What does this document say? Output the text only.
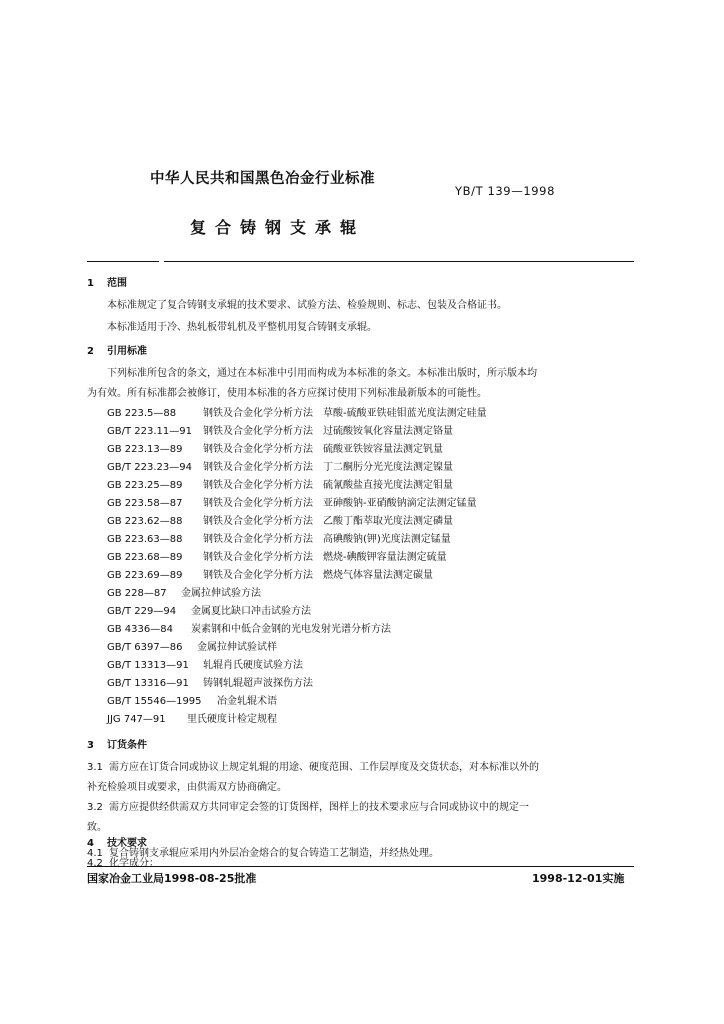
中华人民共和国黑色冶金行业标准
YB/T 139—1998
复合铸钢支承辊
1 范围
本标准规定了复合铸钢支承辊的技术要求、试验方法、检验规则、标志、包装及合格证书。
本标准适用于冷、热轧板带轧机及平整机用复合铸钢支承辊。
2 引用标准
下列标准所包含的条文，通过在本标准中引用而构成为本标准的条文。本标准出版时，所示版本均
为有效。所有标准都会被修订，使用本标准的各方应探讨使用下列标准最新版本的可能性。
GB 223.5—88	钢铁及合金化学分析方法　草酸-硫酸亚铁硅钼蓝光度法测定硅量
GB/T 223.11—91 钢铁及合金化学分析方法　过硫酸铵氧化容量法测定铬量
GB 223.13—89 钢铁及合金化学分析方法　硫酸亚铁铵容量法测定钒量
GB/T 223.23—94 钢铁及合金化学分析方法　丁二酮肟分光光度法测定镍量
GB 223.25—89 钢铁及合金化学分析方法　硫氰酸盐直接光度法测定钼量
GB 223.58—87 钢铁及合金化学分析方法　亚砷酸钠-亚硝酸钠滴定法测定锰量
GB 223.62—88 钢铁及合金化学分析方法　乙酸丁酯萃取光度法测定磷量
GB 223.63—88 钢铁及合金化学分析方法　高碘酸钠(钾)光度法测定锰量
GB 223.68—89 钢铁及合金化学分析方法　燃烧-碘酸钾容量法测定硫量
GB 223.69—89 钢铁及合金化学分析方法　燃烧气体容量法测定碳量
GB 228—87 金属拉伸试验方法
GB/T 229—94 金属夏比缺口冲击试验方法
GB 4336—84 炭素钢和中低合金钢的光电发射光谱分析方法
GB/T 6397—86 金属拉伸试验试样
GB/T 13313—91 轧辊肖氏硬度试验方法
GB/T 13316—91 铸钢轧辊超声波探伤方法
GB/T 15546—1995 冶金轧辊术语
JJG 747—91 里氏硬度计检定规程
3 订货条件
3.1 需方应在订货合同或协议上规定轧辊的用途、硬度范围、工作层厚度及交货状态，对本标准以外的
补充检验项目或要求，由供需双方协商确定。
3.2 需方应提供经供需双方共同审定会签的订货图样，图样上的技术要求应与合同或协议中的规定一
致。
4 技术要求
4.1 复合铸钢支承辊应采用内外层冶金熔合的复合铸造工艺制造，并经热处理。
4.2 化学成分：
国家冶金工业局1998-08-25批准	1998-12-01实施
